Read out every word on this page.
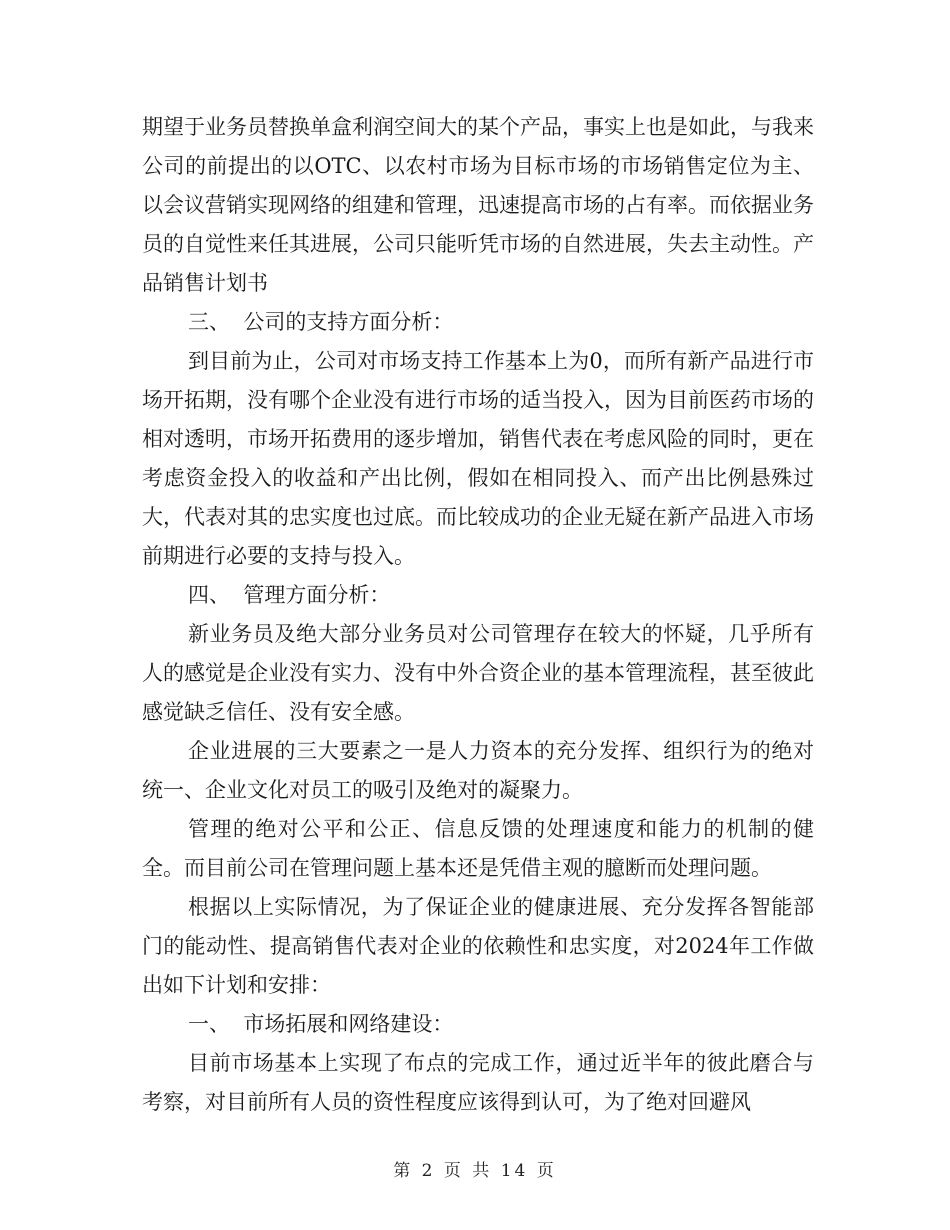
期望于业务员替换单盒利润空间大的某个产品，事实上也是如此，与我来公司的前提出的以OTC、以农村市场为目标市场的市场销售定位为主、以会议营销实现网络的组建和管理，迅速提高市场的占有率。而依据业务员的自觉性来任其进展，公司只能听凭市场的自然进展，失去主动性。产品销售计划书

三、  公司的支持方面分析：

到目前为止，公司对市场支持工作基本上为0，而所有新产品进行市场开拓期，没有哪个企业没有进行市场的适当投入，因为目前医药市场的相对透明，市场开拓费用的逐步增加，销售代表在考虑风险的同时，更在考虑资金投入的收益和产出比例，假如在相同投入、而产出比例悬殊过大，代表对其的忠实度也过底。而比较成功的企业无疑在新产品进入市场前期进行必要的支持与投入。

四、  管理方面分析：

新业务员及绝大部分业务员对公司管理存在较大的怀疑，几乎所有人的感觉是企业没有实力、没有中外合资企业的基本管理流程，甚至彼此感觉缺乏信任、没有安全感。

企业进展的三大要素之一是人力资本的充分发挥、组织行为的绝对统一、企业文化对员工的吸引及绝对的凝聚力。

管理的绝对公平和公正、信息反馈的处理速度和能力的机制的健全。而目前公司在管理问题上基本还是凭借主观的臆断而处理问题。

根据以上实际情况，为了保证企业的健康进展、充分发挥各智能部门的能动性、提高销售代表对企业的依赖性和忠实度，对2024年工作做出如下计划和安排：

一、  市场拓展和网络建设：

目前市场基本上实现了布点的完成工作，通过近半年的彼此磨合与考察，对目前所有人员的资性程度应该得到认可，为了绝对回避风

第 2 页 共 14 页
